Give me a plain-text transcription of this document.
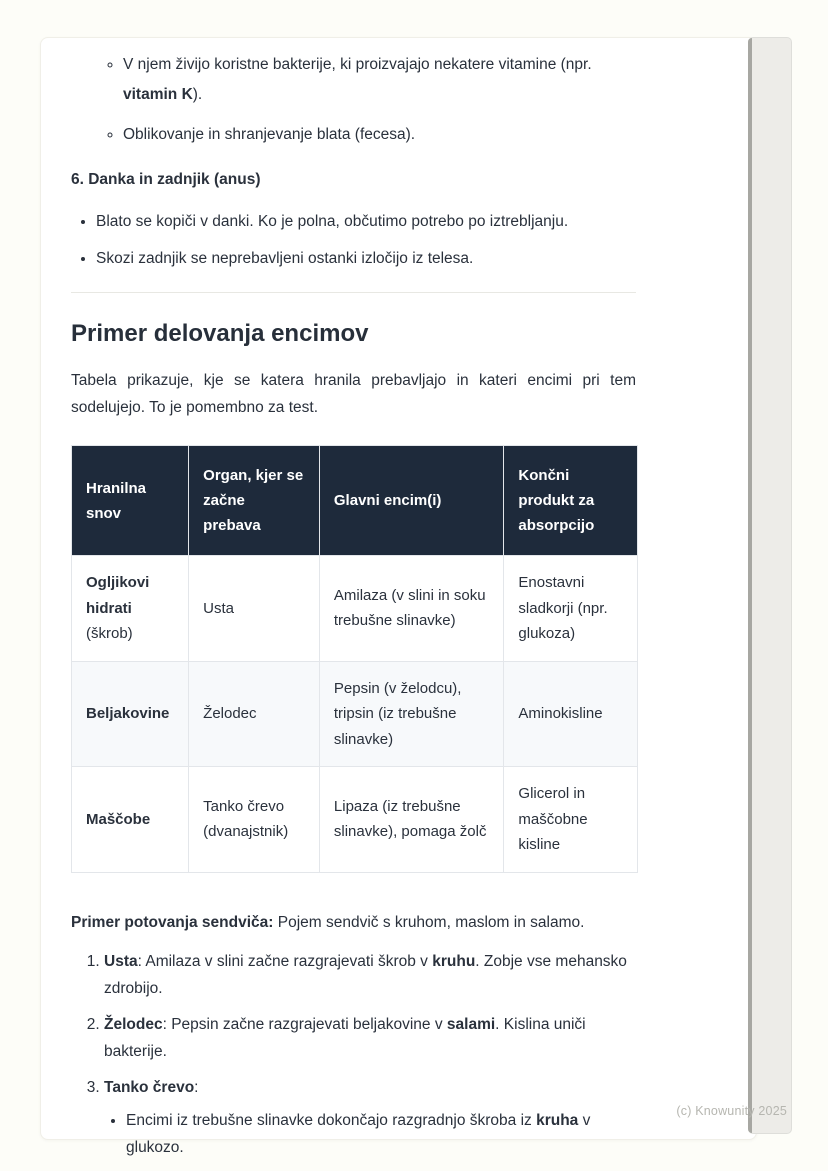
◦ V njem živijo koristne bakterije, ki proizvajajo nekatere vitamine (npr. vitamin K).
◦ Oblikovanje in shranjevanje blata (fecesa).

6. Danka in zadnjik (anus)

• Blato se kopiči v danki. Ko je polna, občutimo potrebo po iztrebljanju.
• Skozi zadnjik se neprebavljeni ostanki izločijo iz telesa.
Primer delovanja encimov

Tabela prikazuje, kje se katera hranila prebavljajo in kateri encimi pri tem sodelujejo. To je pomembno za test.

Hranilna snov	Organ, kjer se začne prebava	Glavni encim(i)	Končni produkt za absorpcijo
Ogljikovi hidrati (škrob)	Usta	Amilaza (v slini in soku trebušne slinavke)	Enostavni sladkorji (npr. glukoza)
Beljakovine	Želodec	Pepsin (v želodcu), tripsin (iz trebušne slinavke)	Aminokisline
Maščobe	Tanko črevo (dvanajstnik)	Lipaza (iz trebušne slinavke), pomaga žolč	Glicerol in maščobne kisline

Primer potovanja sendviča: Pojem sendvič s kruhom, maslom in salamo.

1. Usta: Amilaza v slini začne razgrajevati škrob v kruhu. Zobje vse mehansko zdrobijo.
2. Želodec: Pepsin začne razgrajevati beljakovine v salami. Kislina uniči bakterije.
3. Tanko črevo:
• Encimi iz trebušne slinavke dokončajo razgradnjo škroba iz kruha v glukozo.
(c) Knowunity 2025
